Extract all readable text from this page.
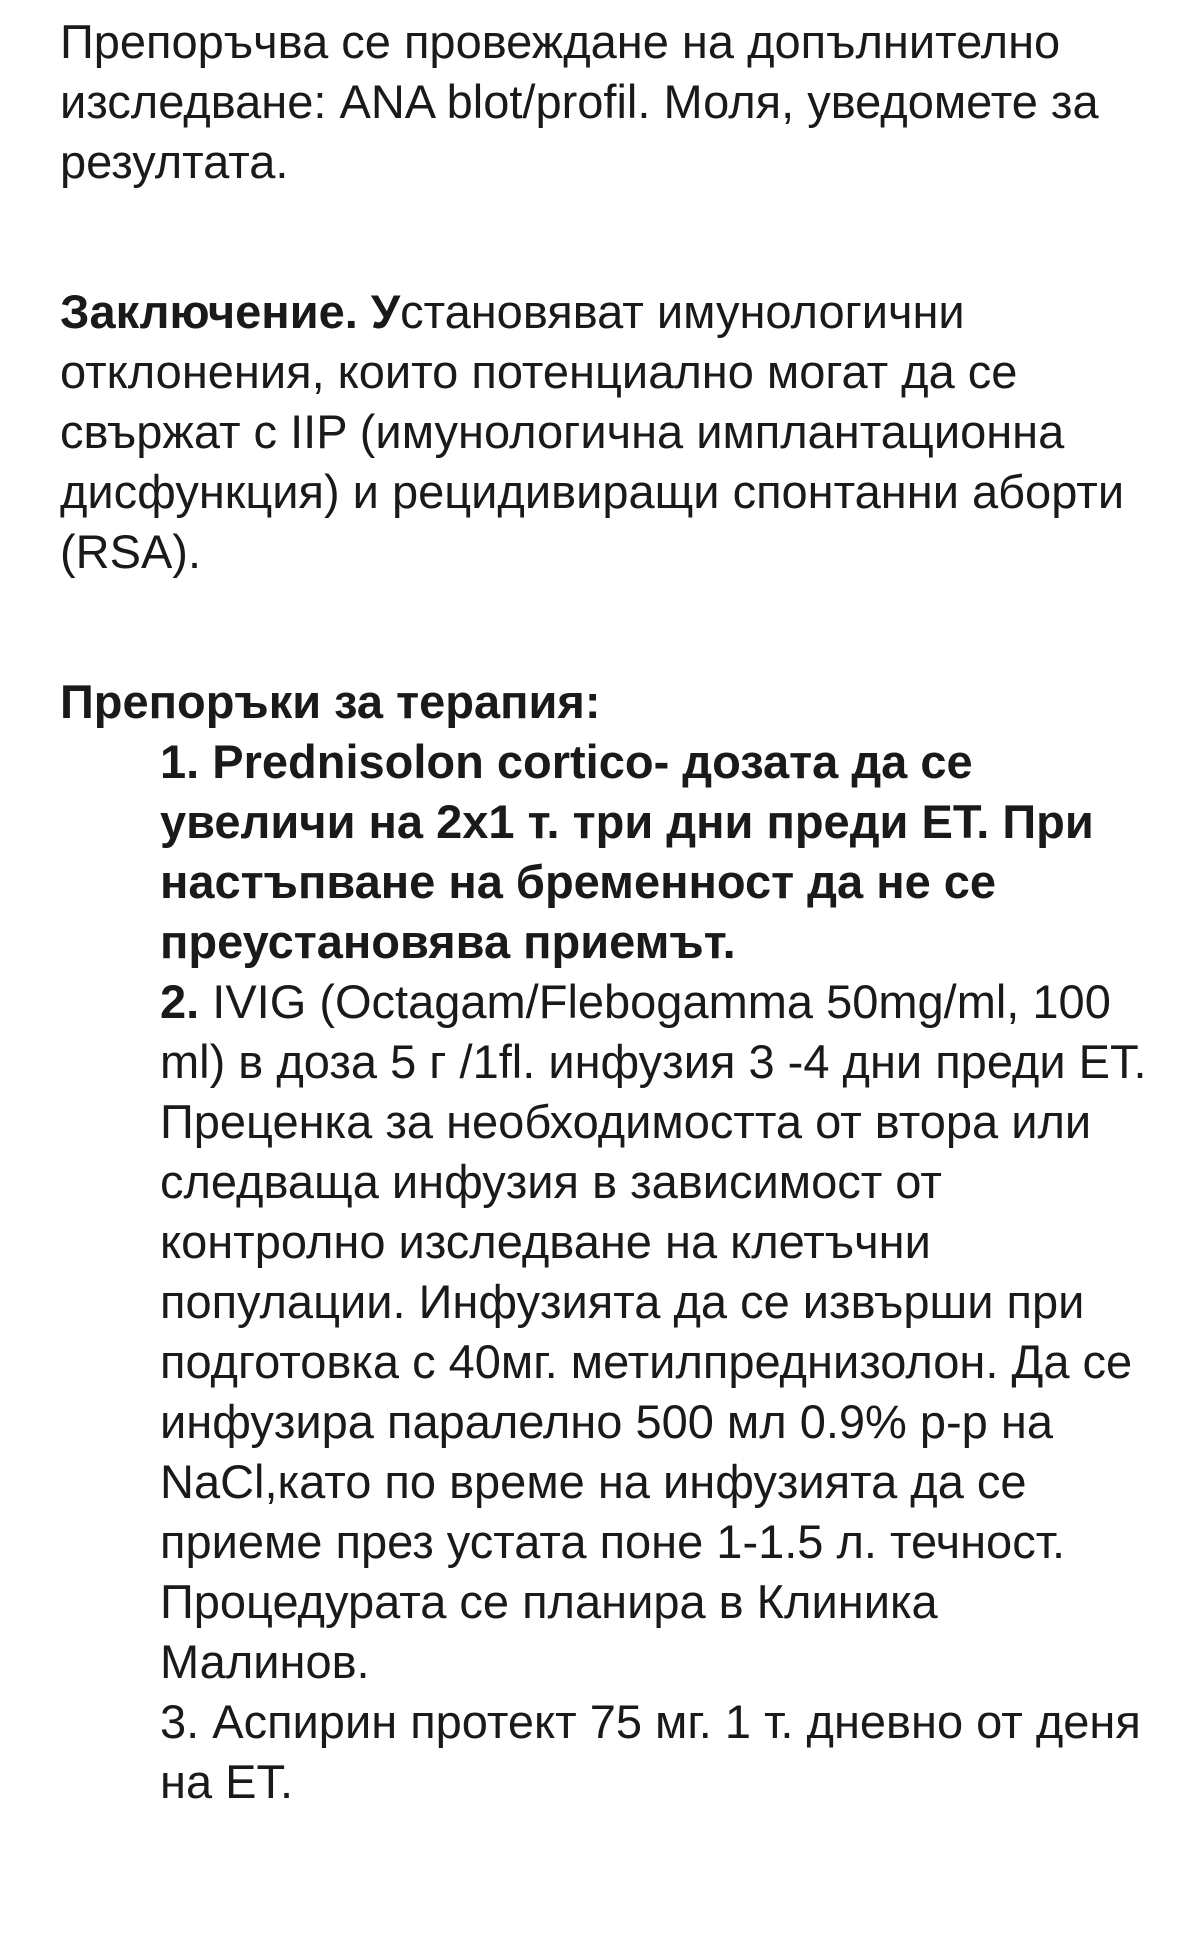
Препоръчва се провеждане на допълнително изследване: ANA blot/profil. Моля, уведомете за резултата.

Заключение. Установяват имунологични отклонения, които потенциално могат да се свържат с IIP (имунологична имплантационна дисфункция) и рецидивиращи спонтанни аборти (RSA).

Препоръки за терапия:

1. Prednisolon cortico- дозата да се увеличи на 2х1 т. три дни преди ЕТ. При настъпване на бременност да не се преустановява приемът.

2. IVIG (Octagam/Flebogamma 50mg/ml, 100 ml) в доза 5 г /1fl. инфузия 3 -4 дни преди ЕТ. Преценка за необходимостта от втора или следваща инфузия в зависимост от контролно изследване на клетъчни популации. Инфузията да се извърши при подготовка с 40мг. метилпреднизолон. Да се инфузира паралелно 500 мл 0.9% р-р на NaCl,като по време на инфузията да се приеме през устата поне 1-1.5 л. течност. Процедурата се планира в Клиника Малинов.

3. Аспирин протект 75 мг. 1 т. дневно от деня на ЕТ.
